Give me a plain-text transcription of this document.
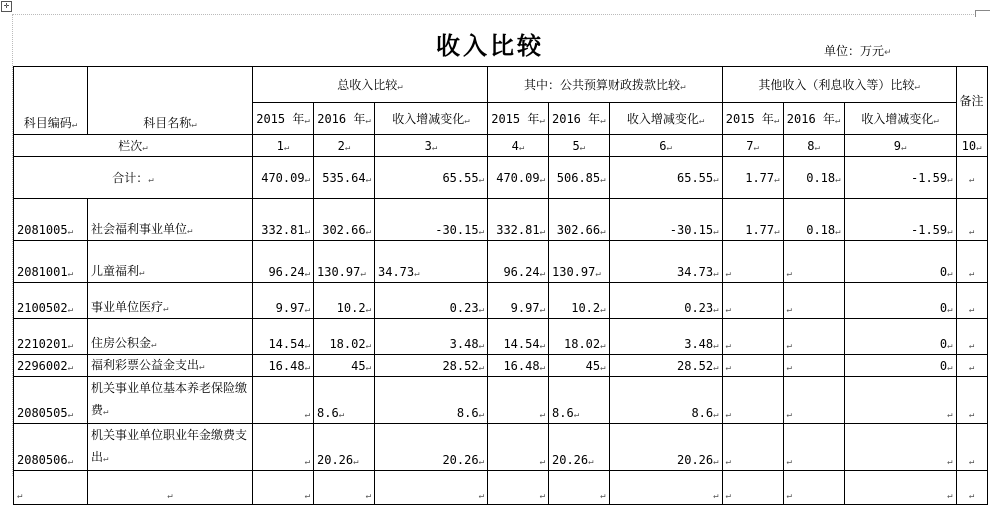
✛
收入比较	单位：万元↵
科目编码↵	科目名称↵	总收入比较↵			其中：公共预算财政拨款比较↵			其他收入（利息收入等）比较↵			备注
		2015 年↵	2016 年↵	收入增减变化↵	2015 年↵	2016 年↵	收入增减变化↵	2015 年↵	2016 年↵	收入增减变化↵	
栏次↵		1↵	2↵	3↵	4↵	5↵	6↵	7↵	8↵	9↵	10↵
合计：↵		470.09↵	535.64↵	65.55↵	470.09↵	506.85↵	65.55↵	1.77↵	0.18↵	-1.59↵	↵
2081005↵	社会福利事业单位↵	332.81↵	302.66↵	-30.15↵	332.81↵	302.66↵	-30.15↵	1.77↵	0.18↵	-1.59↵	↵
2081001↵	儿童福利↵	96.24↵	130.97↵	34.73↵	96.24↵	130.97↵	34.73↵	↵	↵	0↵	↵
2100502↵	事业单位医疗↵	9.97↵	10.2↵	0.23↵	9.97↵	10.2↵	0.23↵	↵	↵	0↵	↵
2210201↵	住房公积金↵	14.54↵	18.02↵	3.48↵	14.54↵	18.02↵	3.48↵	↵	↵	0↵	↵
2296002↵	福利彩票公益金支出↵	16.48↵	45↵	28.52↵	16.48↵	45↵	28.52↵	↵	↵	0↵	↵
2080505↵	机关事业单位基本养老保险缴费↵	↵	8.6↵	8.6↵	↵	8.6↵	8.6↵	↵	↵	↵	↵
2080506↵	机关事业单位职业年金缴费支出↵	↵	20.26↵	20.26↵	↵	20.26↵	20.26↵	↵	↵	↵	↵
↵	↵	↵	↵	↵	↵	↵	↵	↵	↵	↵	↵
